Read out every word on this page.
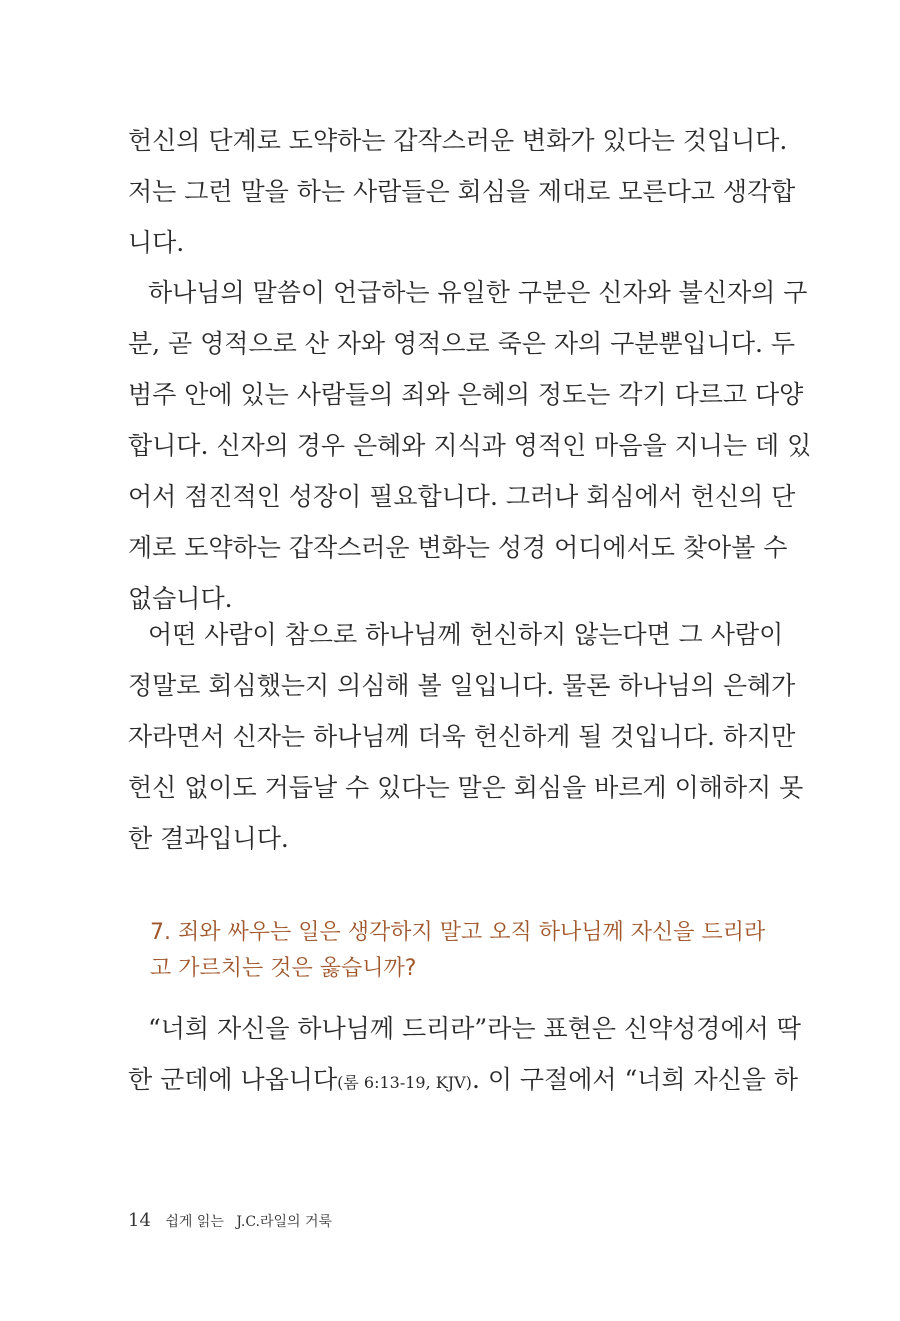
헌신의 단계로 도약하는 갑작스러운 변화가 있다는 것입니다.
저는 그런 말을 하는 사람들은 회심을 제대로 모른다고 생각합
니다.
하나님의 말씀이 언급하는 유일한 구분은 신자와 불신자의 구
분, 곧 영적으로 산 자와 영적으로 죽은 자의 구분뿐입니다. 두
범주 안에 있는 사람들의 죄와 은혜의 정도는 각기 다르고 다양
합니다. 신자의 경우 은혜와 지식과 영적인 마음을 지니는 데 있
어서 점진적인 성장이 필요합니다. 그러나 회심에서 헌신의 단
계로 도약하는 갑작스러운 변화는 성경 어디에서도 찾아볼 수
없습니다.
어떤 사람이 참으로 하나님께 헌신하지 않는다면 그 사람이
정말로 회심했는지 의심해 볼 일입니다. 물론 하나님의 은혜가
자라면서 신자는 하나님께 더욱 헌신하게 될 것입니다. 하지만
헌신 없이도 거듭날 수 있다는 말은 회심을 바르게 이해하지 못
한 결과입니다.
7. 죄와 싸우는 일은 생각하지 말고 오직 하나님께 자신을 드리라
고 가르치는 것은 옳습니까?
“너희 자신을 하나님께 드리라”라는 표현은 신약성경에서 딱
한 군데에 나옵니다(롬 6:13-19, KJV). 이 구절에서 “너희 자신을 하
14 쉽게 읽는 J.C.라일의 거룩
